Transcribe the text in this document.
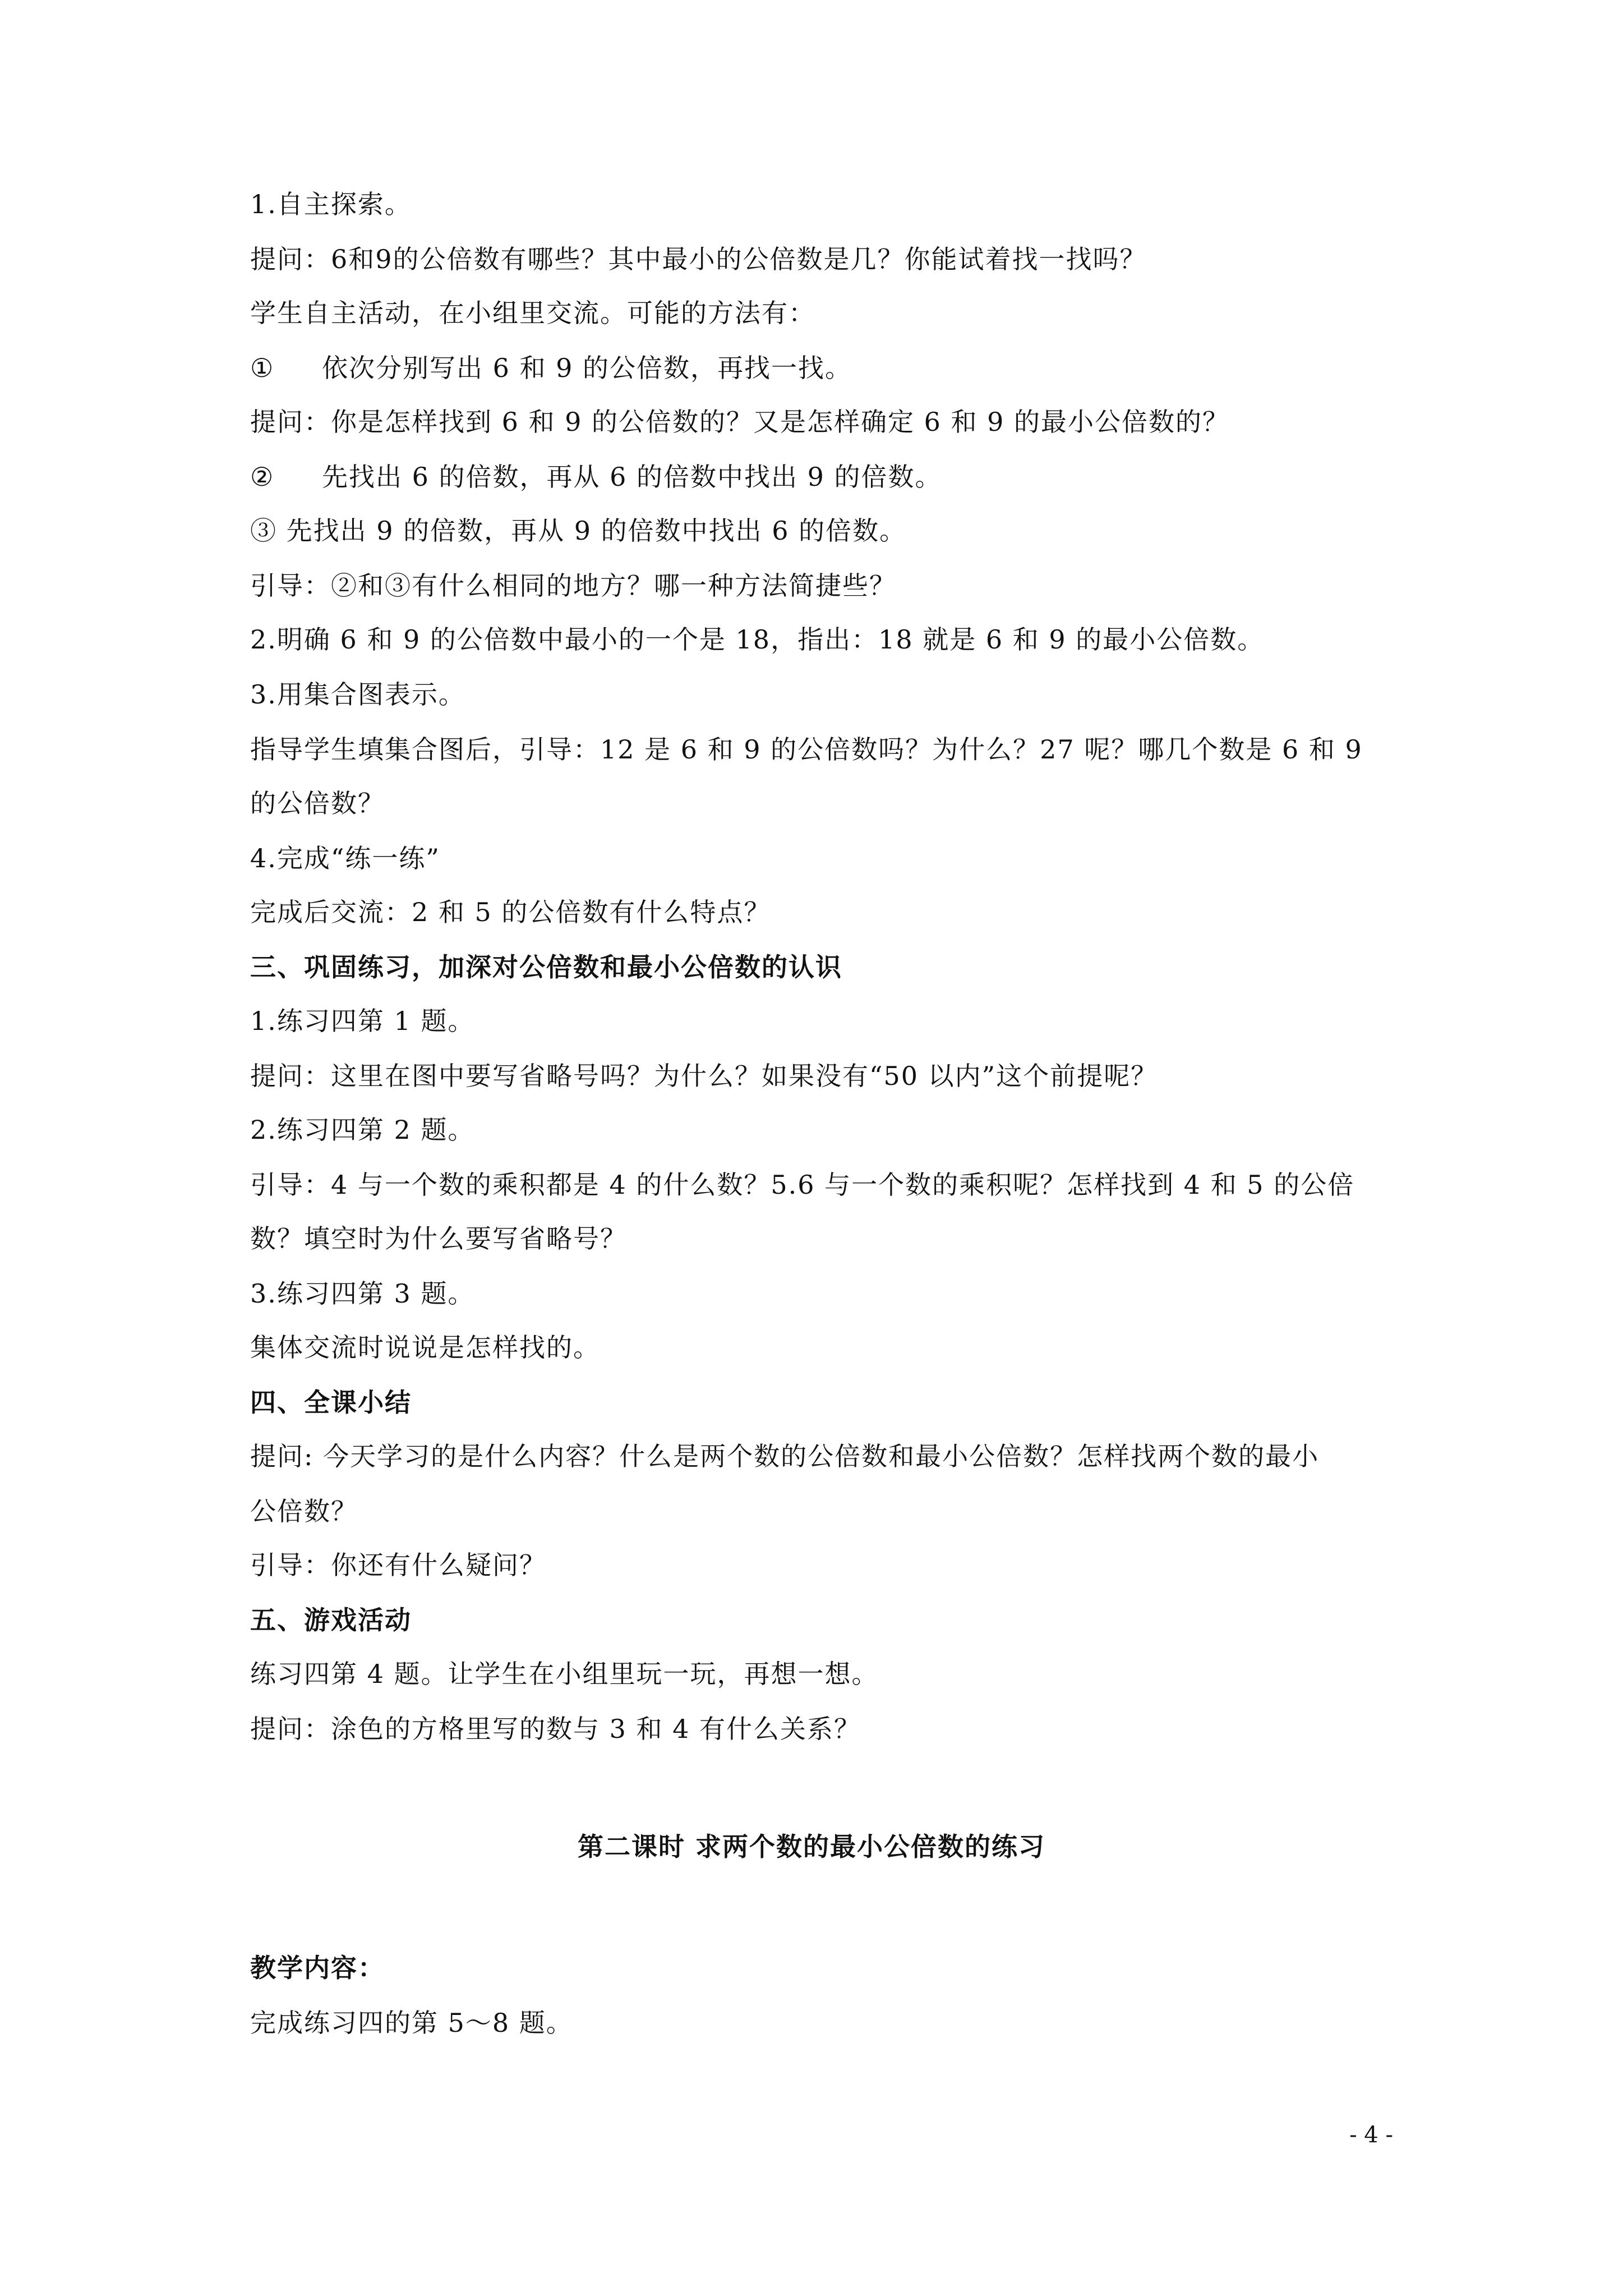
1.自主探索。
提问：6和9的公倍数有哪些？其中最小的公倍数是几？你能试着找一找吗？
学生自主活动，在小组里交流。可能的方法有：
① 依次分别写出 6 和 9 的公倍数，再找一找。
提问：你是怎样找到 6 和 9 的公倍数的？又是怎样确定 6 和 9 的最小公倍数的？
② 先找出 6 的倍数，再从 6 的倍数中找出 9 的倍数。
③ 先找出 9 的倍数，再从 9 的倍数中找出 6 的倍数。
引导：②和③有什么相同的地方？哪一种方法简捷些？
2.明确 6 和 9 的公倍数中最小的一个是 18，指出：18 就是 6 和 9 的最小公倍数。
3.用集合图表示。
指导学生填集合图后，引导：12 是 6 和 9 的公倍数吗？为什么？27 呢？哪几个数是 6 和 9
的公倍数？
4.完成“练一练”
完成后交流：2 和 5 的公倍数有什么特点？
三、巩固练习，加深对公倍数和最小公倍数的认识
1.练习四第 1 题。
提问：这里在图中要写省略号吗？为什么？如果没有“50 以内”这个前提呢？
2.练习四第 2 题。
引导：4 与一个数的乘积都是 4 的什么数？5.6 与一个数的乘积呢？怎样找到 4 和 5 的公倍
数？填空时为什么要写省略号？
3.练习四第 3 题。
集体交流时说说是怎样找的。
四、全课小结
提问: 今天学习的是什么内容？什么是两个数的公倍数和最小公倍数？怎样找两个数的最小
公倍数？
引导：你还有什么疑问？
五、游戏活动
练习四第 4 题。让学生在小组里玩一玩，再想一想。
提问：涂色的方格里写的数与 3 和 4 有什么关系？
第二课时 求两个数的最小公倍数的练习
教学内容：
完成练习四的第 5～8 题。
- 4 -
